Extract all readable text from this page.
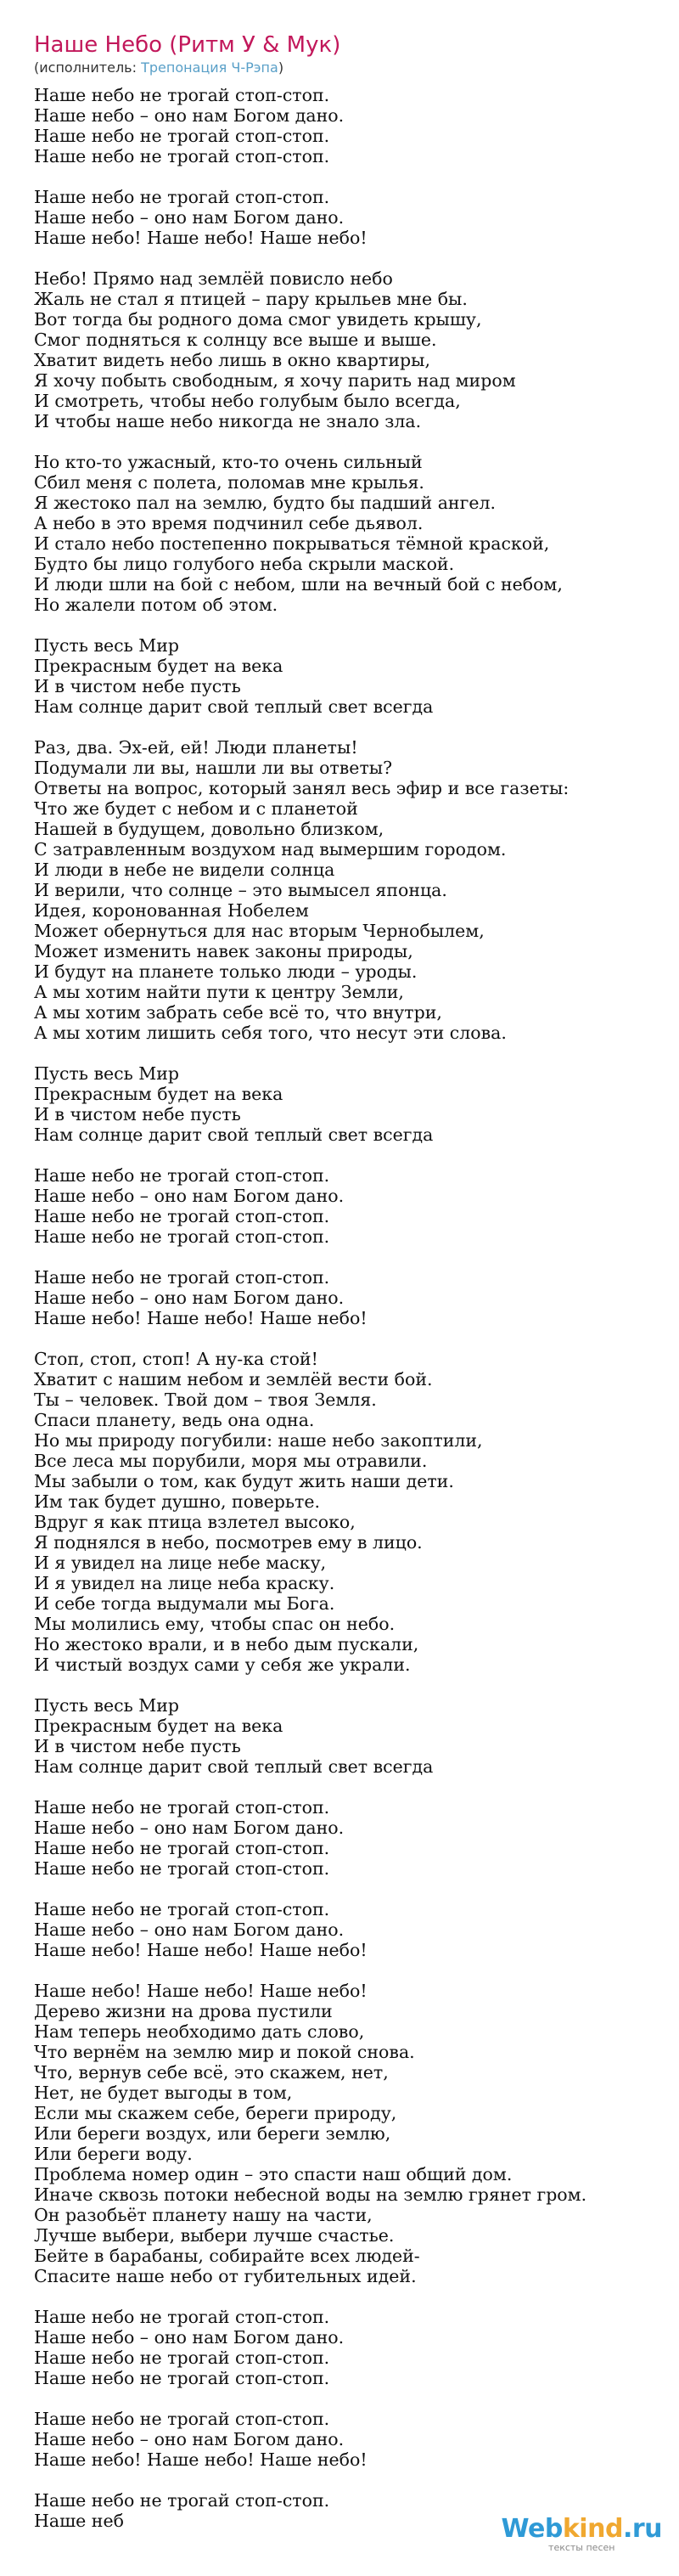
Наше Небо (Ритм У & Мук)
(исполнитель: Трепонация Ч-Рэпа)
Наше небо не трогай стоп-стоп.
Наше небо – оно нам Богом дано.
Наше небо не трогай стоп-стоп.
Наше небо не трогай стоп-стоп.
Наше небо не трогай стоп-стоп.
Наше небо – оно нам Богом дано.
Наше небо! Наше небо! Наше небо!
Небо! Прямо над землёй повисло небо
Жаль не стал я птицей – пару крыльев мне бы.
Вот тогда бы родного дома смог увидеть крышу,
Смог подняться к солнцу все выше и выше.
Хватит видеть небо лишь в окно квартиры,
Я хочу побыть свободным, я хочу парить над миром
И смотреть, чтобы небо голубым было всегда,
И чтобы наше небо никогда не знало зла.
Но кто-то ужасный, кто-то очень сильный
Сбил меня с полета, поломав мне крылья.
Я жестоко пал на землю, будто бы падший ангел.
А небо в это время подчинил себе дьявол.
И стало небо постепенно покрываться тёмной краской,
Будто бы лицо голубого неба скрыли маской.
И люди шли на бой с небом, шли на вечный бой с небом,
Но жалели потом об этом.
Пусть весь Мир
Прекрасным будет на века
И в чистом небе пусть
Нам солнце дарит свой теплый свет всегда
Раз, два. Эх-ей, ей! Люди планеты!
Подумали ли вы, нашли ли вы ответы?
Ответы на вопрос, который занял весь эфир и все газеты:
Что же будет с небом и с планетой
Нашей в будущем, довольно близком,
С затравленным воздухом над вымершим городом.
И люди в небе не видели солнца
И верили, что солнце – это вымысел японца.
Идея, коронованная Нобелем
Может обернуться для нас вторым Чернобылем,
Может изменить навек законы природы,
И будут на планете только люди – уроды.
А мы хотим найти пути к центру Земли,
А мы хотим забрать себе всё то, что внутри,
А мы хотим лишить себя того, что несут эти слова.
Пусть весь Мир
Прекрасным будет на века
И в чистом небе пусть
Нам солнце дарит свой теплый свет всегда
Наше небо не трогай стоп-стоп.
Наше небо – оно нам Богом дано.
Наше небо не трогай стоп-стоп.
Наше небо не трогай стоп-стоп.
Наше небо не трогай стоп-стоп.
Наше небо – оно нам Богом дано.
Наше небо! Наше небо! Наше небо!
Стоп, стоп, стоп! А ну-ка стой!
Хватит с нашим небом и землёй вести бой.
Ты – человек. Твой дом – твоя Земля.
Спаси планету, ведь она одна.
Но мы природу погубили: наше небо закоптили,
Все леса мы порубили, моря мы отравили.
Мы забыли о том, как будут жить наши дети.
Им так будет душно, поверьте.
Вдруг я как птица взлетел высоко,
Я поднялся в небо, посмотрев ему в лицо.
И я увидел на лице небе маску,
И я увидел на лице неба краску.
И себе тогда выдумали мы Бога.
Мы молились ему, чтобы спас он небо.
Но жестоко врали, и в небо дым пускали,
И чистый воздух сами у себя же украли.
Пусть весь Мир
Прекрасным будет на века
И в чистом небе пусть
Нам солнце дарит свой теплый свет всегда
Наше небо не трогай стоп-стоп.
Наше небо – оно нам Богом дано.
Наше небо не трогай стоп-стоп.
Наше небо не трогай стоп-стоп.
Наше небо не трогай стоп-стоп.
Наше небо – оно нам Богом дано.
Наше небо! Наше небо! Наше небо!
Наше небо! Наше небо! Наше небо!
Дерево жизни на дрова пустили
Нам теперь необходимо дать слово,
Что вернём на землю мир и покой снова.
Что, вернув себе всё, это скажем, нет,
Нет, не будет выгоды в том,
Если мы скажем себе, береги природу,
Или береги воздух, или береги землю,
Или береги воду.
Проблема номер один – это спасти наш общий дом.
Иначе сквозь потоки небесной воды на землю грянет гром.
Он разобьёт планету нашу на части,
Лучше выбери, выбери лучше счастье.
Бейте в барабаны, собирайте всех людей-
Спасите наше небо от губительных идей.
Наше небо не трогай стоп-стоп.
Наше небо – оно нам Богом дано.
Наше небо не трогай стоп-стоп.
Наше небо не трогай стоп-стоп.
Наше небо не трогай стоп-стоп.
Наше небо – оно нам Богом дано.
Наше небо! Наше небо! Наше небо!
Наше небо не трогай стоп-стоп.
Наше неб	Webkind.ru
тексты песен
